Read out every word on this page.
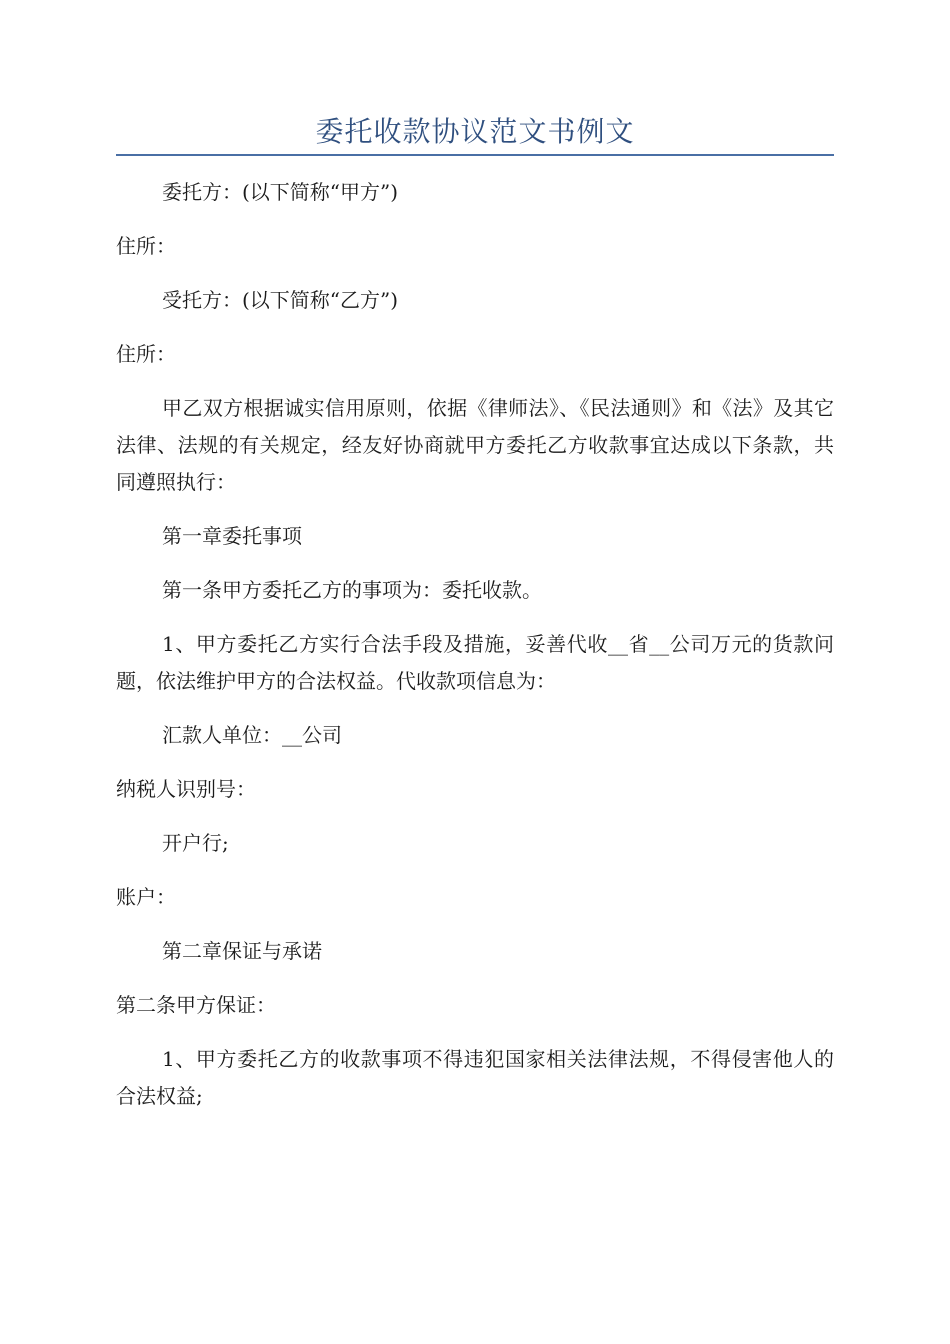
委托收款协议范文书例文

委托方：(以下简称“甲方”)

住所：

受托方：(以下简称“乙方”)

住所：

甲乙双方根据诚实信用原则，依据《律师法》、《民法通则》和《法》及其它法律、法规的有关规定，经友好协商就甲方委托乙方收款事宜达成以下条款，共同遵照执行：

第一章委托事项

第一条甲方委托乙方的事项为：委托收款。

1、甲方委托乙方实行合法手段及措施，妥善代收__省__公司万元的货款问题，依法维护甲方的合法权益。代收款项信息为：

汇款人单位：__公司

纳税人识别号：

开户行;

账户：

第二章保证与承诺

第二条甲方保证：

1、甲方委托乙方的收款事项不得违犯国家相关法律法规，不得侵害他人的合法权益;
